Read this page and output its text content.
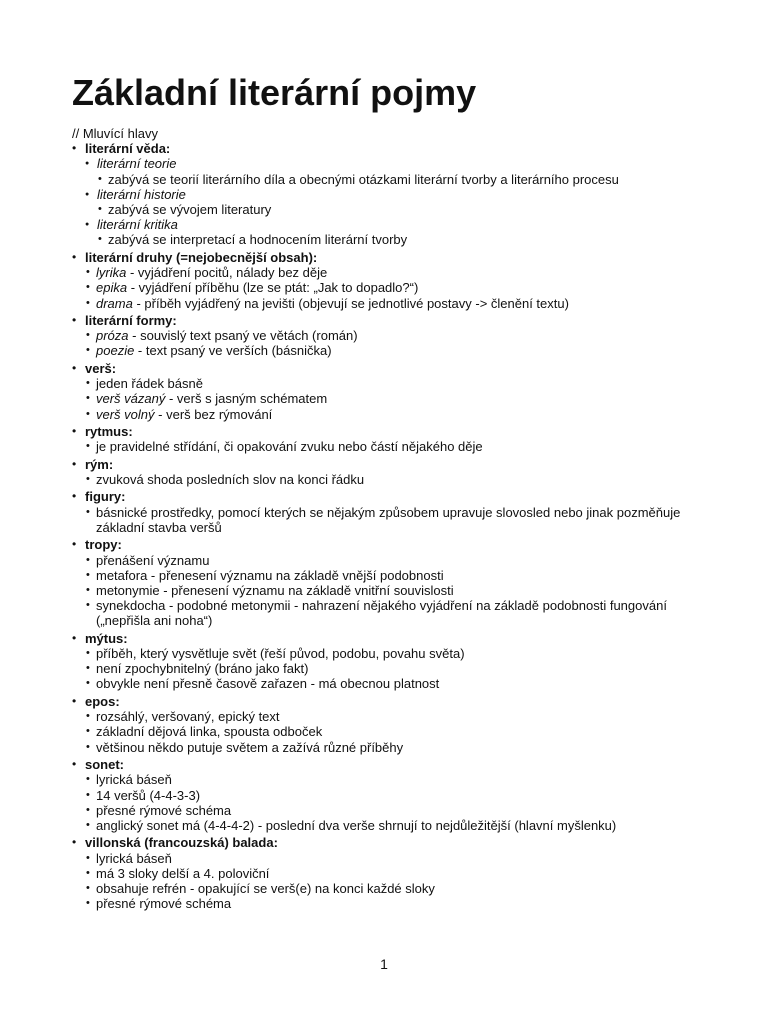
Základní literární pojmy

// Mluvící hlavy

• literární věda:
● literární teorie
• zabývá se teorií literárního díla a obecnými otázkami literární tvorby a literárního procesu
● literární historie
• zabývá se vývojem literatury
● literární kritika
• zabývá se interpretací a hodnocením literární tvorby
• literární druhy (=nejobecnější obsah):
• lyrika - vyjádření pocitů, nálady bez děje
• epika - vyjádření příběhu (lze se ptát: „Jak to dopadlo?“)
• drama - příběh vyjádřený na jevišti (objevují se jednotlivé postavy -> členění textu)
• literární formy:
• próza - souvislý text psaný ve větách (román)
• poezie - text psaný ve verších (básnička)
• verš:
• jeden řádek básně
• verš vázaný - verš s jasným schématem
• verš volný - verš bez rýmování
• rytmus:
• je pravidelné střídání, či opakování zvuku nebo částí nějakého děje
• rým:
• zvuková shoda posledních slov na konci řádku
• figury:
• básnické prostředky, pomocí kterých se nějakým způsobem upravuje slovosled nebo jinak pozměňuje základní stavba veršů
• tropy:
• přenášení významu
• metafora - přenesení významu na základě vnější podobnosti
• metonymie - přenesení významu na základě vnitřní souvislosti
• synekdocha - podobné metonymii - nahrazení nějakého vyjádření na základě podobnosti fungování („nepřišla ani noha“)
• mýtus:
• příběh, který vysvětluje svět (řeší původ, podobu, povahu světa)
• není zpochybnitelný (bráno jako fakt)
• obvykle není přesně časově zařazen - má obecnou platnost
• epos:
• rozsáhlý, veršovaný, epický text
• základní dějová linka, spousta odboček
• většinou někdo putuje světem a zažívá různé příběhy
• sonet:
• lyrická báseň
• 14 veršů (4-4-3-3)
• přesné rýmové schéma
• anglický sonet má (4-4-4-2) - poslední dva verše shrnují to nejdůležitější (hlavní myšlenku)
• villonská (francouzská) balada:
• lyrická báseň
• má 3 sloky delší a 4. poloviční
• obsahuje refrén - opakující se verš(e) na konci každé sloky
• přesné rýmové schéma

1
